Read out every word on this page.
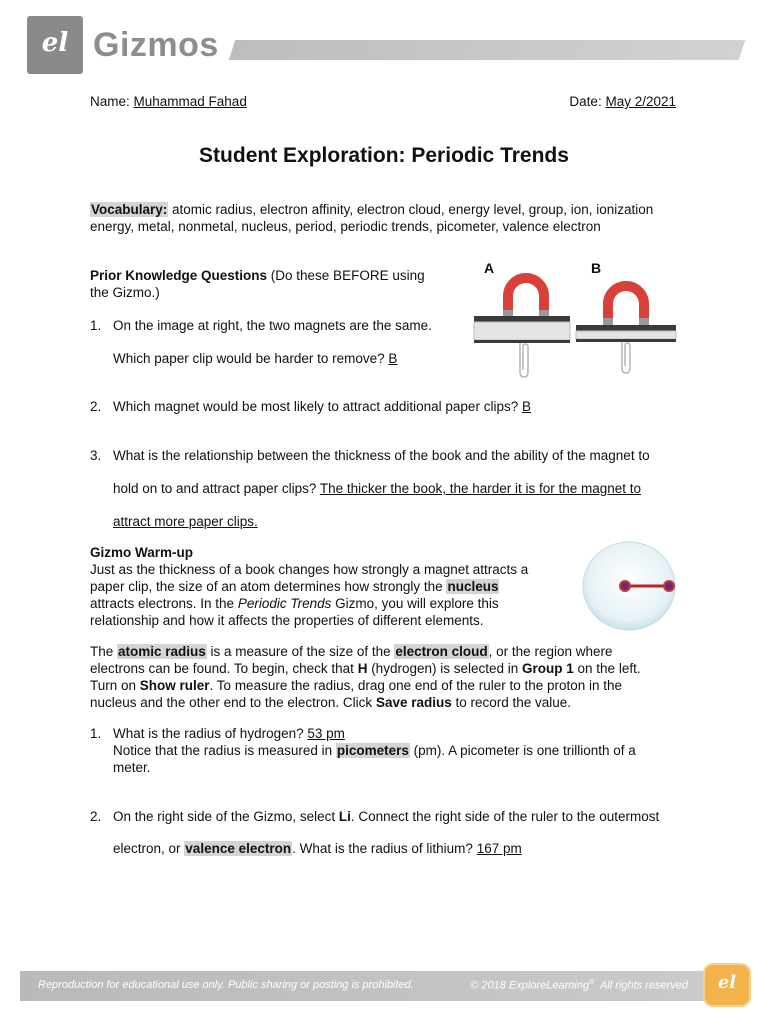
el Gizmos
Name: Muhammad Fahad	Date: May 2/2021
Student Exploration: Periodic Trends
Vocabulary: atomic radius, electron affinity, electron cloud, energy level, group, ion, ionization
energy, metal, nonmetal, nucleus, period, periodic trends, picometer, valence electron
Prior Knowledge Questions (Do these BEFORE using
the Gizmo.)
1. On the image at right, the two magnets are the same.
Which paper clip would be harder to remove? B
A	B
2. Which magnet would be most likely to attract additional paper clips? B
3. What is the relationship between the thickness of the book and the ability of the magnet to
hold on to and attract paper clips? The thicker the book, the harder it is for the magnet to
attract more paper clips.
Gizmo Warm-up
Just as the thickness of a book changes how strongly a magnet attracts a
paper clip, the size of an atom determines how strongly the nucleus
attracts electrons. In the Periodic Trends Gizmo, you will explore this
relationship and how it affects the properties of different elements.
The atomic radius is a measure of the size of the electron cloud, or the region where
electrons can be found. To begin, check that H (hydrogen) is selected in Group 1 on the left.
Turn on Show ruler. To measure the radius, drag one end of the ruler to the proton in the
nucleus and the other end to the electron. Click Save radius to record the value.
1. What is the radius of hydrogen? 53 pm
Notice that the radius is measured in picometers (pm). A picometer is one trillionth of a
meter.
2. On the right side of the Gizmo, select Li. Connect the right side of the ruler to the outermost
electron, or valence electron. What is the radius of lithium? 167 pm
Reproduction for educational use only. Public sharing or posting is prohibited.	© 2018 ExploreLearning®  All rights reserved	el
